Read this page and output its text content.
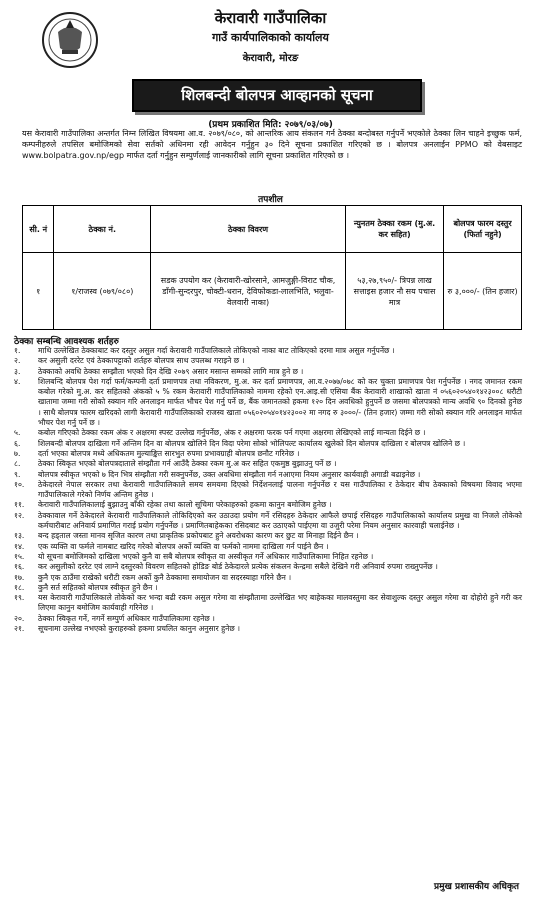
केरावारी गाउँपालिका
गाउँ कार्यपालिकाको कार्यालय
केरावारी, मोरङ
शिलबन्दी बोलपत्र आव्हानको सूचना
(प्रथम प्रकाशित मिति: २०७९/०३/०७)
यस केरावारी गाउँपालिका अन्तर्गत निम्न लिखित विषयमा आ.व. २०७९/०८०, को आन्तरिक आय संकलन गर्न ठेक्का बन्दोबस्त गर्नुपर्ने भएकोले ठेक्का लिन चाहने इच्छुक फर्म, कम्पनीहरुले तपसिल बमोजिमको सेवा सर्तको अधिनमा रही आवेदन गर्नुहुन ३० दिने सूचना प्रकाशित गरिएको छ । बोलपत्र अनलाईन PPMO को वेबसाइट www.bolpatra.gov.np/egp मार्फत दर्ता गर्नुहुन सम्पुर्णलाई जानकारीको लागि सूचना प्रकाशित गरिएको छ ।
तपशील
सी. नं	ठेक्का नं.	ठेक्का विवरण	न्युनतम ठेक्का रकम (मु.अ. कर सहित)	बोलपत्र फारम दस्तुर (फिर्ता नहुने)
१	१/राजस्व (०७९/०८०)	सडक उपयोग कर (केरावारी-खोरसाने, आमजुङ्गी-विराट चौक, डाँगी-सुन्दरपुर, चोक्टी-धरान, देविफोकडा-लालभिति, भलुवा-वेलवारी नाका)	५३,२७,९५०/- त्रिपन्न लाख सत्ताइस हजार नौ सय पचास मात्र	रु ३,०००/- (तिन हजार)
ठेक्का सम्बन्धि आवश्यक शर्तहरु
१.	माथि उल्लेखित ठेक्काबाट कर दस्तुर असुल गर्दा केरावारी गाउँपालिकाले तोकिएको नाका बाट तोकिएको दरमा मात्र असुल गर्नुपर्नेछ ।
२.	कर असुली दररेट एवं ठेक्कापट्टाको शर्तहरु बोलपत्र साथ उपलब्ध गराइने छ ।
३.	ठेक्काको अवधि ठेक्का सम्झौता भएको दिन देखि २०७९ असार मसान्त सम्मको लागि मात्र हुने छ ।
४.	शिलबन्दि बोलपत्र पेश गर्दा फर्म/कम्पनी दर्ता प्रमाणपत्र तथा नविकरण, मु.अ. कर दर्ता प्रमाणपत्र, आ.व.२०७७/०७८ को कर चुक्ता प्रमाणपत्र पेश गर्नुपर्नेछ । नगद जमानत रकम कबोल गरेको मु.अ. कर सहितको अंकको ५ % रकम केरावारी गाउँपालिकाको नाममा रहेको एन.आइ.सी एसिया बैंक केरावारी शाखाको खाता नं ०५६०२०५४०१४२३००८ धरौटी खातामा जम्मा गरी सोको स्क्यान गरि अनलाइन मार्फत भौचर पेश गर्नु पर्ने छ, बैंक जमानतको हकमा १२० दिन अवधिको हुनुपर्ने छ जसमा बोलपत्रको मान्य अवधि ९० दिनको हुनेछ । साथै बोलपत्र फारम खरिदको लागी केरावारी गाउँपालिकाको राजस्व खाता ०५६०२०५४०१४२३००२ मा नगद रु ३०००/- (तिन हजार) जम्मा गरी सोको स्क्यान गरि अनलाइन मार्फत भौचर पेश गर्नु पर्ने छ ।
५.	कबोल गरिएको ठेक्का रकम अंक र अक्षरमा स्पस्ट उल्लेख गर्नुपर्नेछ, अंक र अक्षरमा फरक पर्न गएमा अक्षरमा लेखिएको लाई मान्यता दिईने छ ।
६.	शिलबन्दी बोलपत्र दाखिला गर्ने अन्तिम दिन वा बोलपत्र खोलिने दिन विदा परेमा सोको भोलिपल्ट कार्यालय खुलेको दिन बोलपत्र दाखिला र बोलपत्र खोलिने छ ।
७.	दर्ता भएका बोलपत्र मध्ये अधिकतम मुल्याङ्कित सारभुत रुपमा प्रभावग्राही बोलपत्र छनौट गरिनेछ ।
८.	ठेक्का स्विकृत भएको बोलपत्रदाताले संम्झौता गर्न आउँदै ठेक्का रकम मु.अ कर सहित एकमुष्ठ बुझाउनु पर्ने छ ।
९.	बोलपत्र स्वीकृत भएको ७ दिन भित्र संम्झौता गरी सक्नुपर्नेछ, उक्त अवधिमा संम्झौता गर्न नआएमा नियम अनुसार कार्यवाही अगाडी बढाइनेछ ।
१०.	ठेकेदारले नेपाल सरकार तथा केरावारी गाउँपालिकाले समय समयमा दिएको निर्देशनलाई पालना गर्नुपर्नेछ र यस गाउँपालिका र ठेकेदार बीच ठेक्काको विषयमा विवाद भएमा गाउँपालिकाले गरेको निर्णय अन्तिम हुनेछ ।
११.	केरावारी गाउँपालिकालाई बुझाउनु बाँकी रहेका तथा कालो सूचिमा परेकाहरुको हकमा कानुन बमोजिम हुनेछ ।
१२.	ठेक्कावाल गर्ने ठेकेदारले केरावारी गाउँपालिकाले तोकिदिएको कर उठाउदा प्रयोग गर्ने रसिदहरु ठेकेदार आफैले छपाई रसिदहरु गाउँपालिकाको कार्यालय प्रमुख वा निजले तोकेको कर्मचारीबाट अनिवार्य प्रमाणित गराई प्रयोग गर्नुपर्नेछ । प्रमाणितबाहेकका रसिदबाट कर उठाएको पाईएमा वा उजुरी परेमा नियम अनुसार कारवाही चलाईनेछ ।
१३.	बन्द हड्ताल जस्ता मानव सृजित कारण तथा प्राकृतिक प्रकोपबाट हुने अवरोधका कारण कर छुट वा मिनाहा दिईने छैन ।
१४.	एक व्यक्ति वा फर्मले नामबाट खरिद गरेको बोलपत्र अर्को व्यक्ति वा फर्मको नाममा दाखिला गर्न पाईने छैन ।
१५.	यो सूचना बमोजिमको दाखिला भएको कुनै वा सबै बोलपत्र स्वीकृत वा अस्वीकृत गर्ने अधिकार गाउँपालिकामा निहित रहनेछ ।
१६.	कर असुलीको दररेट एवं लाग्ने दस्तुरको विवरण सहितको होडिङ बोर्ड ठेकेदारले प्रत्येक संकलन केन्द्रमा सबैले देखिने गरी अनिवार्य रुपमा राख्नुपर्नेछ ।
१७.	कुनै एक ठाउँमा राखेको धरौटी रकम अर्को कुनै ठेक्कामा समायोजन वा सदरस्याहा गरिने छैन ।
१८.	कुनै सर्त सहितको बोलपत्र स्वीकृत हुने छैन ।
१९.	यस केरावारी गाउँपालिकाले तोकेको कर भन्दा बढी रकम असुल गरेमा वा संम्झौतामा उल्लेखित भए बाहेकका मालवस्तुमा कर सेवाशुल्क दस्तुर असुल गरेमा वा दोहोरो हुने गरी कर लिएमा कानुन बमोजिम कार्यवाही गरिनेछ ।
२०.	ठेक्का स्विकृत गर्ने, नगर्ने सम्पुर्ण अधिकार गाउँपालिकामा रहनेछ ।
२१.	सूचनामा उल्लेख नभएको कुराहरुको हकमा प्रचलित कानुन अनुसार हुनेछ ।
प्रमुख प्रशासकीय अधिकृत
